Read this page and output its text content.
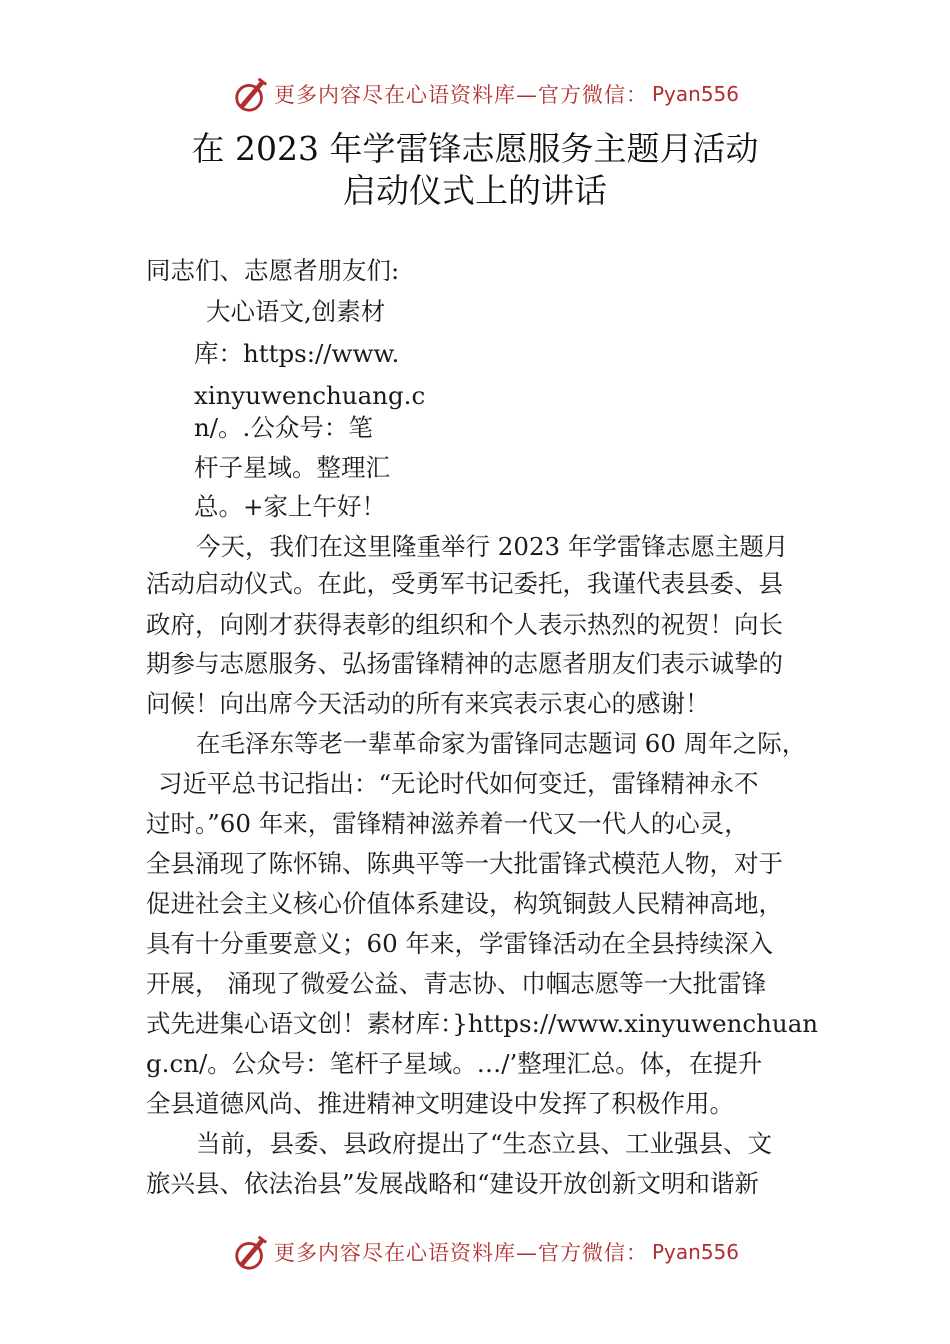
更多内容尽在心语资料库—官方微信： Pyan556
在 2023 年学雷锋志愿服务主题月活动
启动仪式上的讲话
同志们、志愿者朋友们:
大心语文,创素材
库：https://www.
xinyuwenchuang.c
n/。.公众号：笔
杆子星域。整理汇
总。+家上午好！
今天，我们在这里隆重举行 2023 年学雷锋志愿主题月
活动启动仪式。在此，受勇军书记委托，我谨代表县委、县
政府，向刚才获得表彰的组织和个人表示热烈的祝贺！向长
期参与志愿服务、弘扬雷锋精神的志愿者朋友们表示诚挚的
问候！向出席今天活动的所有来宾表示衷心的感谢！
在毛泽东等老一辈革命家为雷锋同志题词 60 周年之际，
习近平总书记指出：“无论时代如何变迁，雷锋精神永不
过时。”60 年来，雷锋精神滋养着一代又一代人的心灵，
全县涌现了陈怀锦、陈典平等一大批雷锋式模范人物，对于
促进社会主义核心价值体系建设，构筑铜鼓人民精神高地，
具有十分重要意义；60 年来，学雷锋活动在全县持续深入
开展， 涌现了微爱公益、青志协、巾帼志愿等一大批雷锋
式先进集心语文创！素材库：}https://www.xinyuwenchuan
g.cn/。公众号：笔杆子星域。…/’整理汇总。体，在提升
全县道德风尚、推进精神文明建设中发挥了积极作用。
当前，县委、县政府提出了“生态立县、工业强县、文
旅兴县、依法治县”发展战略和“建设开放创新文明和谐新
更多内容尽在心语资料库—官方微信： Pyan556
